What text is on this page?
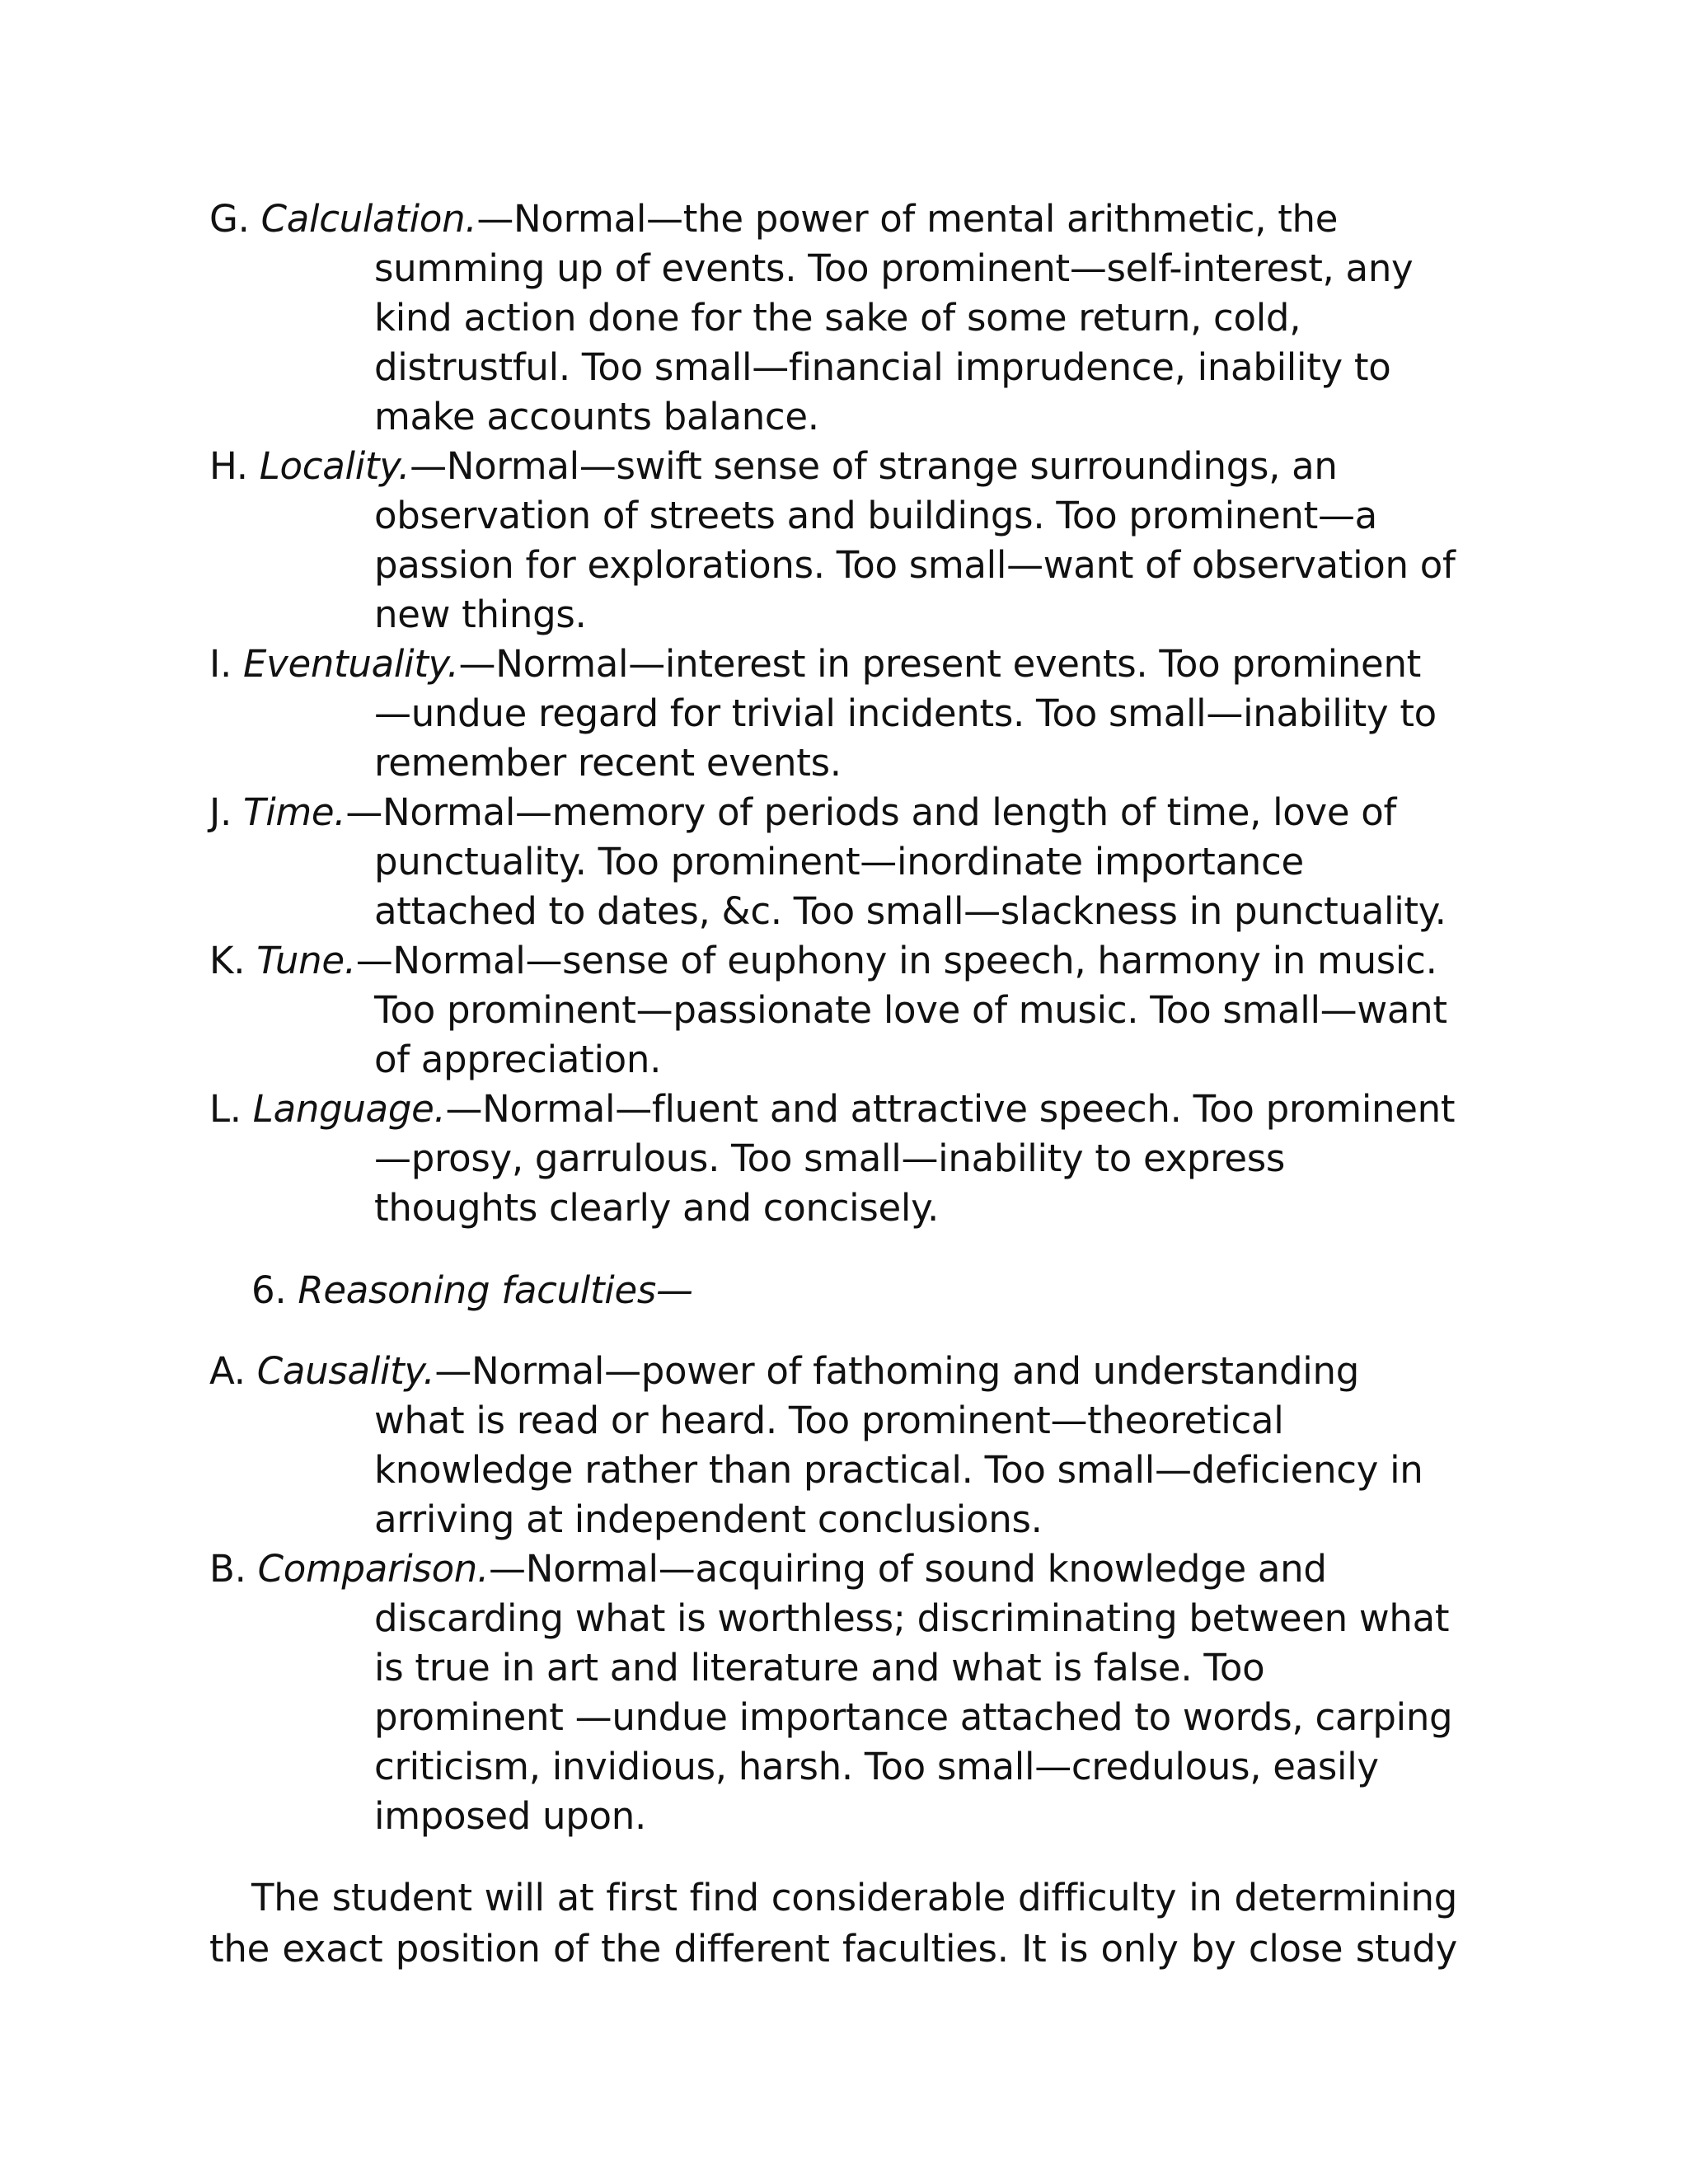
G. Calculation.—Normal—the power of mental arithmetic, the summing up of events. Too prominent—self-interest, any kind action done for the sake of some return, cold, distrustful. Too small—financial imprudence, inability to make accounts balance.

H. Locality.—Normal—swift sense of strange surroundings, an observation of streets and buildings. Too prominent—a passion for explorations. Too small—want of observation of new things.

I. Eventuality.—Normal—interest in present events. Too prominent—undue regard for trivial incidents. Too small—inability to remember recent events.

J. Time.—Normal—memory of periods and length of time, love of punctuality. Too prominent—inordinate importance attached to dates, &c. Too small—slackness in punctuality.

K. Tune.—Normal—sense of euphony in speech, harmony in music. Too prominent—passionate love of music. Too small—want of appreciation.

L. Language.—Normal—fluent and attractive speech. Too prominent —prosy, garrulous. Too small—inability to express thoughts clearly and concisely.

6. Reasoning faculties—

A. Causality.—Normal—power of fathoming and understanding what is read or heard. Too prominent—theoretical knowledge rather than practical. Too small—deficiency in arriving at independent conclusions.

B. Comparison.—Normal—acquiring of sound knowledge and discarding what is worthless; discriminating between what is true in art and literature and what is false. Too prominent —undue importance attached to words, carping criticism, invidious, harsh. Too small—credulous, easily imposed upon.

The student will at first find considerable difficulty in determining the exact position of the different faculties. It is only by close study
